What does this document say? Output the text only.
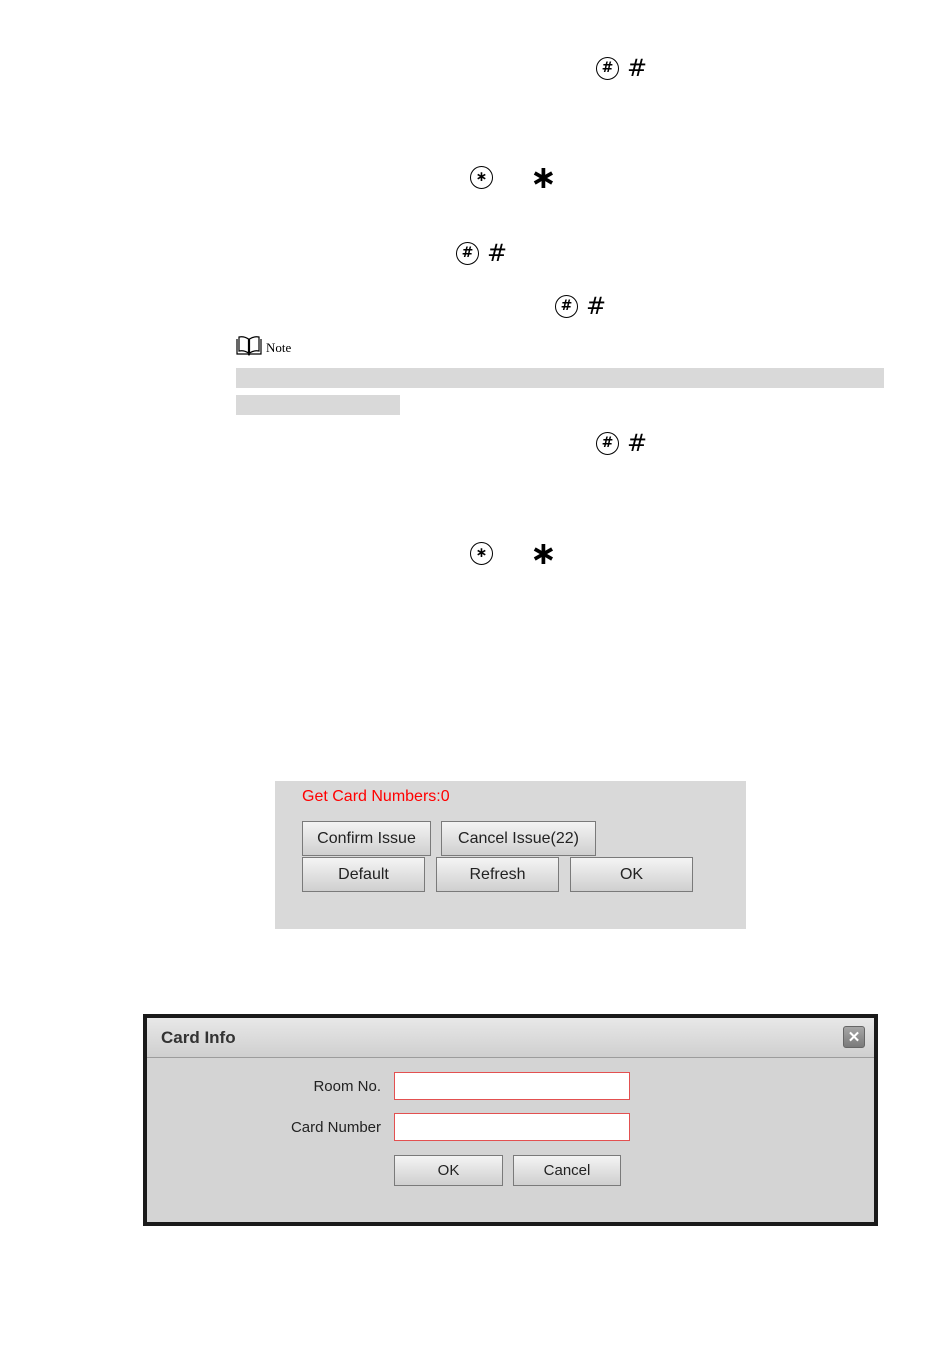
# #
∗ ∗
# #
# #
Note
# #
∗ ∗
Get Card Numbers:0
Confirm Issue	Cancel Issue(22)
Default	Refresh	OK
Card Info	✕
Room No.
Card Number
OK	Cancel
